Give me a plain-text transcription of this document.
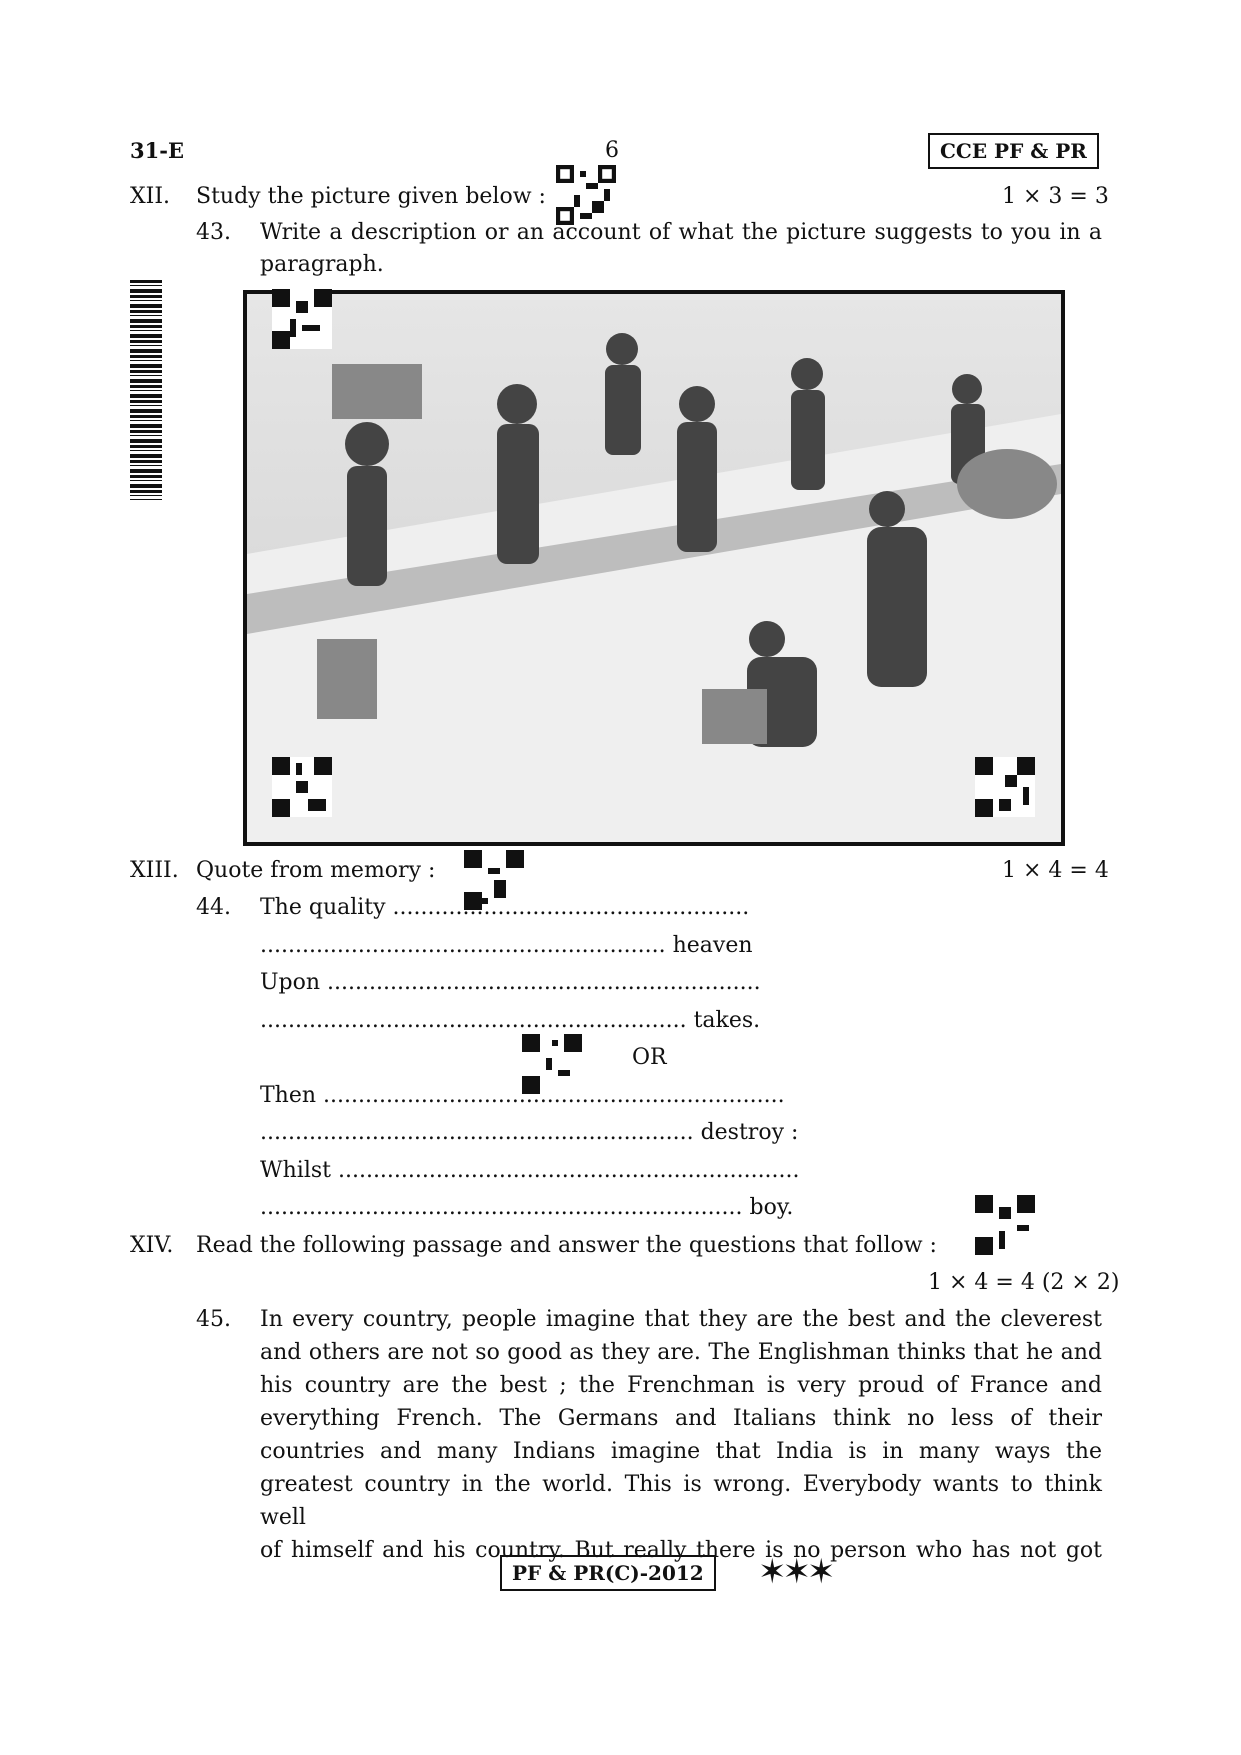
31-E	6	CCE PF & PR
XII. Study the picture given below :	1 × 3 = 3
43. Write a description or an account of what the picture suggests to you in a
paragraph.
XIII. Quote from memory :	1 × 4 = 4
44. The quality ...................................................
.......................................................... heaven
Upon ..............................................................
............................................................. takes.
OR
Then ..................................................................
.............................................................. destroy :
Whilst ..................................................................
..................................................................... boy.
XIV. Read the following passage and answer the questions that follow :
1 × 4 = 4 (2 × 2)
45. In every country, people imagine that they are the best and the cleverest
and others are not so good as they are. The Englishman thinks that he and
his country are the best ; the Frenchman is very proud of France and
everything French. The Germans and Italians think no less of their
countries and many Indians imagine that India is in many ways the
greatest country in the world. This is wrong. Everybody wants to think well
of himself and his country. But really there is no person who has not got
PF & PR(C)-2012	✶✶✶
